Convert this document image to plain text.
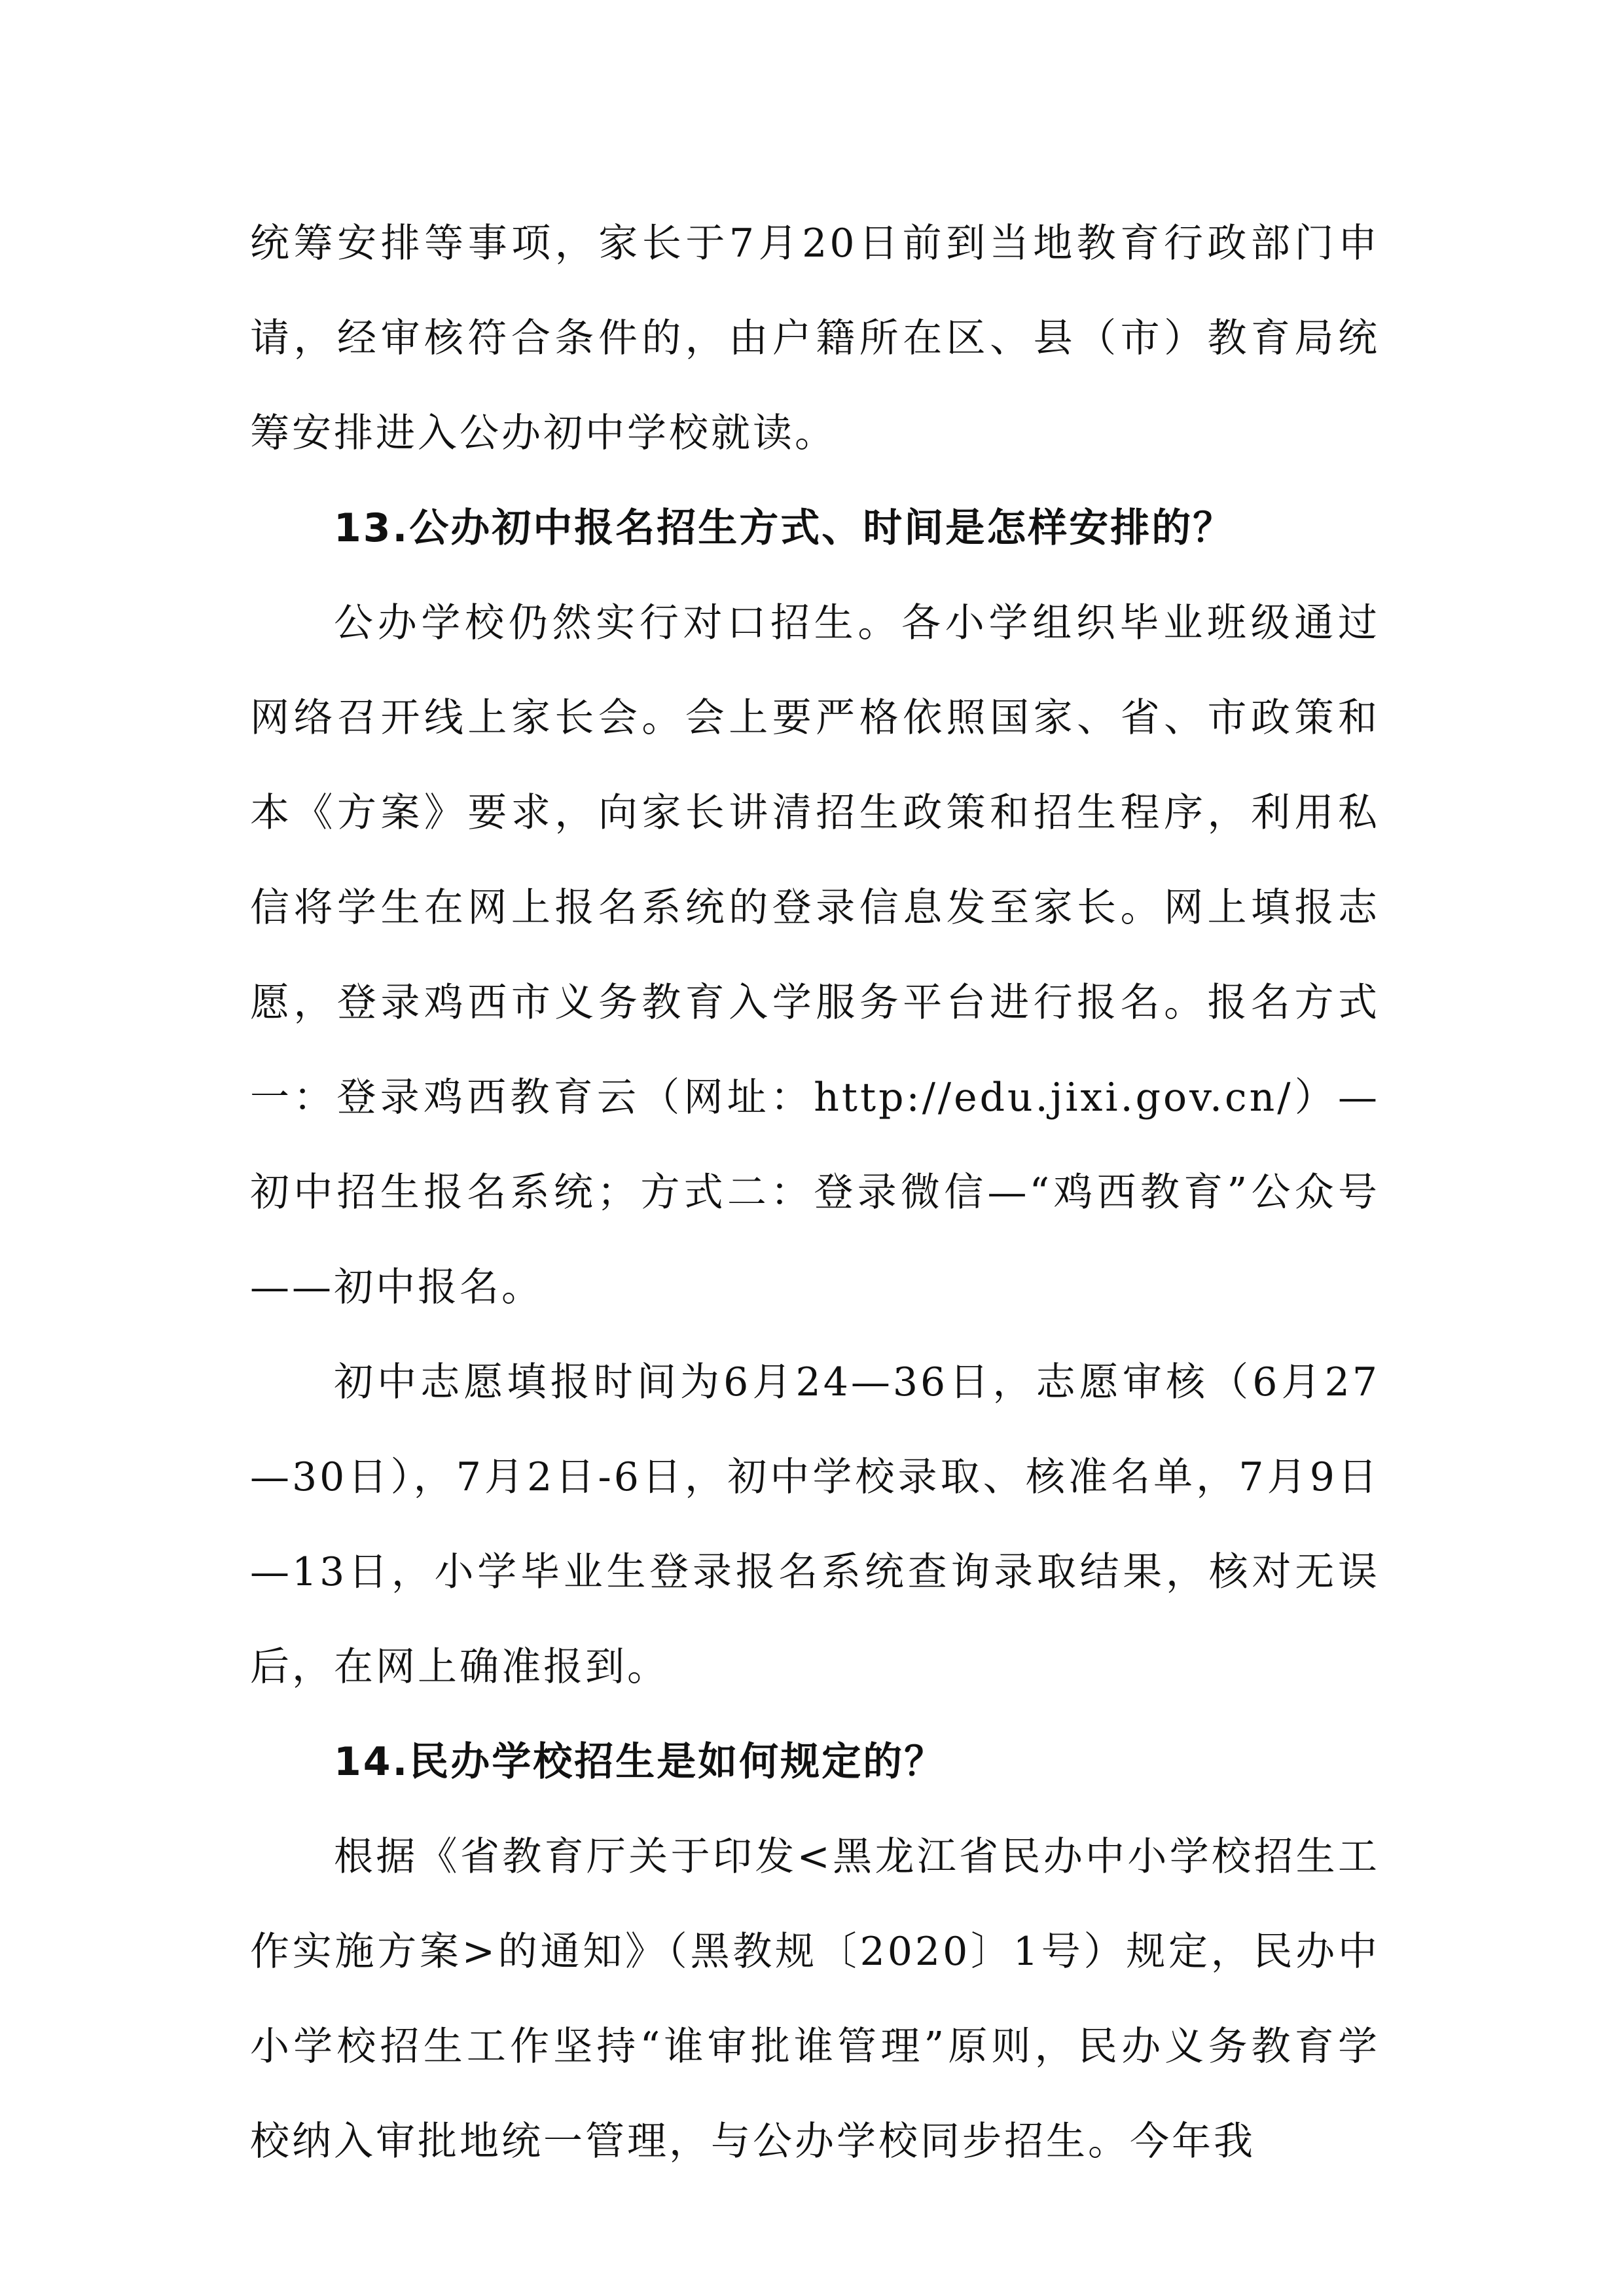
统筹安排等事项，家长于7月20日前到当地教育行政部门申请，经审核符合条件的，由户籍所在区、县（市）教育局统筹安排进入公办初中学校就读。

13.公办初中报名招生方式、时间是怎样安排的？

公办学校仍然实行对口招生。各小学组织毕业班级通过网络召开线上家长会。会上要严格依照国家、省、市政策和本《方案》要求，向家长讲清招生政策和招生程序，利用私信将学生在网上报名系统的登录信息发至家长。网上填报志愿，登录鸡西市义务教育入学服务平台进行报名。报名方式一：登录鸡西教育云（网址：http://edu.jixi.gov.cn/）—初中招生报名系统；方式二：登录微信—“鸡西教育”公众号——初中报名。

初中志愿填报时间为6月24—36日，志愿审核（6月27—30日），7月2日-6日，初中学校录取、核准名单，7月9日—13日，小学毕业生登录报名系统查询录取结果，核对无误后，在网上确准报到。

14.民办学校招生是如何规定的？

根据《省教育厅关于印发<黑龙江省民办中小学校招生工作实施方案>的通知》（黑教规〔2020〕1号）规定，民办中小学校招生工作坚持“谁审批谁管理”原则，民办义务教育学校纳入审批地统一管理，与公办学校同步招生。今年我
